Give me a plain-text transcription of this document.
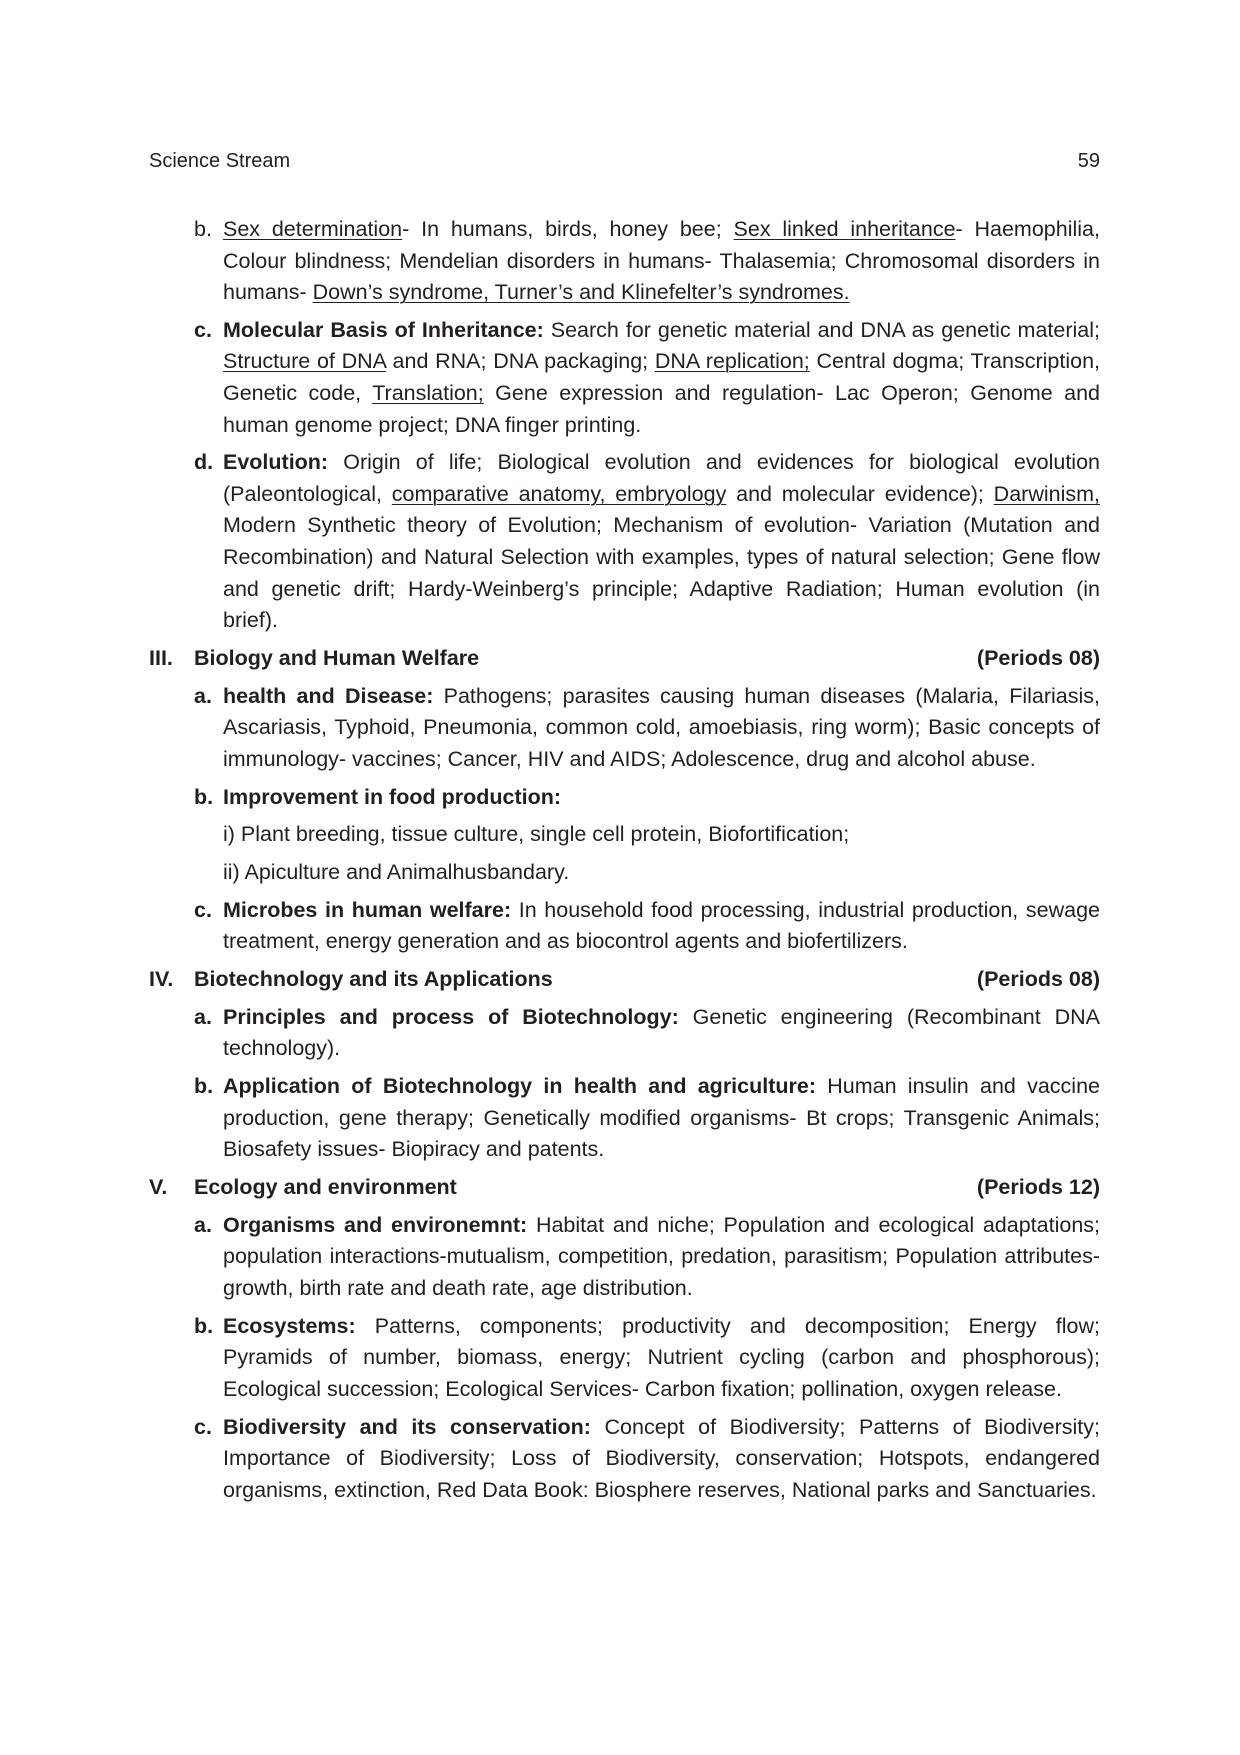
Science Stream	59
b. Sex determination- In humans, birds, honey bee; Sex linked inheritance- Haemophilia, Colour blindness; Mendelian disorders in humans- Thalasemia; Chromosomal disorders in humans- Down’s syndrome, Turner’s and Klinefelter’s syndromes.

c. Molecular Basis of Inheritance: Search for genetic material and DNA as genetic material; Structure of DNA and RNA; DNA packaging; DNA replication; Central dogma; Transcription, Genetic code, Translation; Gene expression and regulation- Lac Operon; Genome and human genome project; DNA finger printing.

d. Evolution: Origin of life; Biological evolution and evidences for biological evolution (Paleontological, comparative anatomy, embryology and molecular evidence); Darwinism, Modern Synthetic theory of Evolution; Mechanism of evolution- Variation (Mutation and Recombination) and Natural Selection with examples, types of natural selection; Gene flow and genetic drift; Hardy-Weinberg’s principle; Adaptive Radiation; Human evolution (in brief).

III. Biology and Human Welfare	(Periods 08)
a. health and Disease: Pathogens; parasites causing human diseases (Malaria, Filariasis, Ascariasis, Typhoid, Pneumonia, common cold, amoebiasis, ring worm); Basic concepts of immunology- vaccines; Cancer, HIV and AIDS; Adolescence, drug and alcohol abuse.

b. Improvement in food production:

i) Plant breeding, tissue culture, single cell protein, Biofortification;

ii) Apiculture and Animalhusbandary.

c. Microbes in human welfare: In household food processing, industrial production, sewage treatment, energy generation and as biocontrol agents and biofertilizers.

IV. Biotechnology and its Applications	(Periods 08)
a. Principles and process of Biotechnology: Genetic engineering (Recombinant DNA technology).

b. Application of Biotechnology in health and agriculture: Human insulin and vaccine production, gene therapy; Genetically modified organisms- Bt crops; Transgenic Animals; Biosafety issues- Biopiracy and patents.

V.	Ecology and environment	(Periods 12)
a. Organisms and environemnt: Habitat and niche; Population and ecological adaptations; population interactions-mutualism, competition, predation, parasitism; Population attributes-growth, birth rate and death rate, age distribution.

b. Ecosystems: Patterns, components; productivity and decomposition; Energy flow; Pyramids of number, biomass, energy; Nutrient cycling (carbon and phosphorous); Ecological succession; Ecological Services- Carbon fixation; pollination, oxygen release.

c. Biodiversity and its conservation: Concept of Biodiversity; Patterns of Biodiversity; Importance of Biodiversity; Loss of Biodiversity, conservation; Hotspots, endangered organisms, extinction, Red Data Book: Biosphere reserves, National parks and Sanctuaries.
